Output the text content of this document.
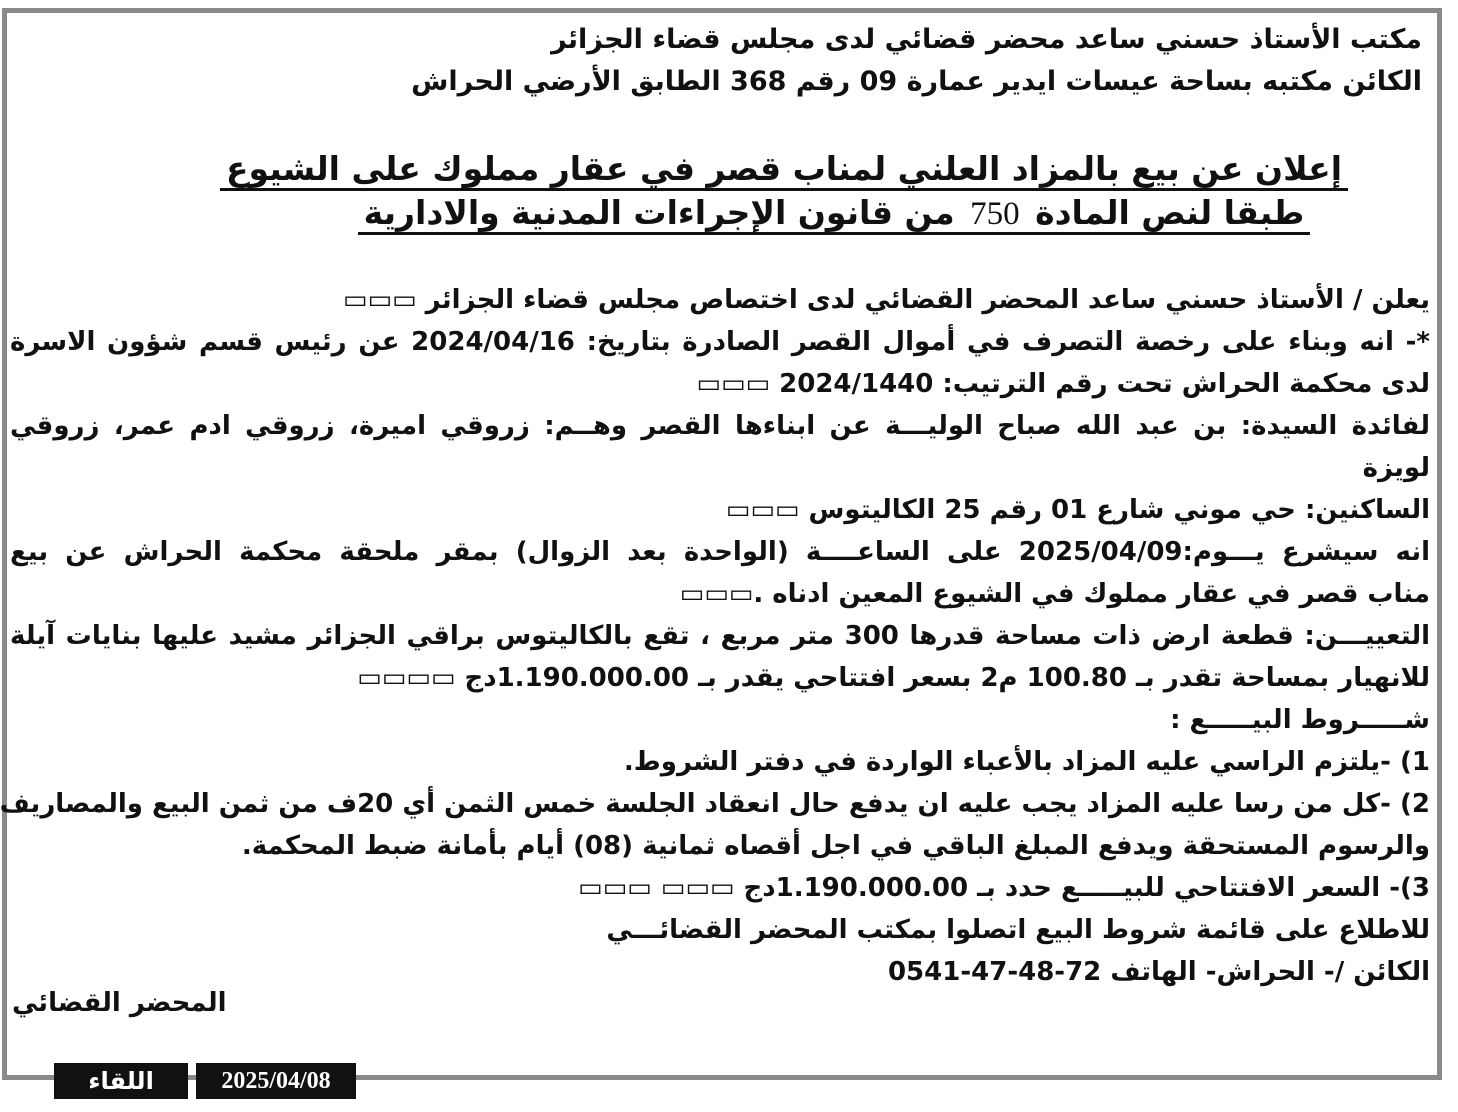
مكتب الأستاذ حسني ساعد محضر قضائي لدى مجلس قضاء الجزائر
الكائن مكتبه بساحة عيسات ايدير عمارة 09 رقم 368 الطابق الأرضي الحراش
إعلان عن بيع بالمزاد العلني لمناب قصر في عقار مملوك على الشيوع
طبقا لنص المادة 750 من قانون الإجراءات المدنية والادارية
يعلن / الأستاذ حسني ساعد المحضر القضائي لدى اختصاص مجلس قضاء الجزائر ▭▭▭
*- انه وبناء على رخصة التصرف في أموال القصر الصادرة بتاريخ: 2024/04/16 عن رئيس قسم شؤون الاسرة
لدى محكمة الحراش تحت رقم الترتيب: 2024/1440 ▭▭▭
لفائدة السيدة: بن عبد الله صباح الوليـــة عن ابناءها القصر وهــم: زروقي اميرة، زروقي ادم عمر، زروقي
لويزة
الساكنين: حي موني شارع 01 رقم 25 الكاليتوس ▭▭▭
انه سيشرع يـــوم:2025/04/09 على الساعــــة (الواحدة بعد الزوال) بمقر ملحقة محكمة الحراش عن بيع
مناب قصر في عقار مملوك في الشيوع المعين ادناه .▭▭▭
التعييـــن: قطعة ارض ذات مساحة قدرها 300 متر مربع ، تقع بالكاليتوس براقي الجزائر مشيد عليها بنايات آيلة
للانهيار بمساحة تقدر بـ 100.80 م2 بسعر افتتاحي يقدر بـ 1.190.000.00دج ▭▭▭▭
شـــــروط البيـــــع :
1) -يلتزم الراسي عليه المزاد بالأعباء الواردة في دفتر الشروط.
2) -كل من رسا عليه المزاد يجب عليه ان يدفع حال انعقاد الجلسة خمس الثمن أي 20ف من ثمن البيع والمصاريف
والرسوم المستحقة ويدفع المبلغ الباقي في اجل أقصاه ثمانية (08) أيام بأمانة ضبط المحكمة.
3)- السعر الافتتاحي للبيـــــع حدد بـ 1.190.000.00دج ▭▭▭ ▭▭▭
للاطلاع على قائمة شروط البيع اتصلوا بمكتب المحضر القضائـــي
الكائن /- الحراش- الهاتف 72-48-47-0541
المحضر القضائي
اللقاء	2025/04/08
